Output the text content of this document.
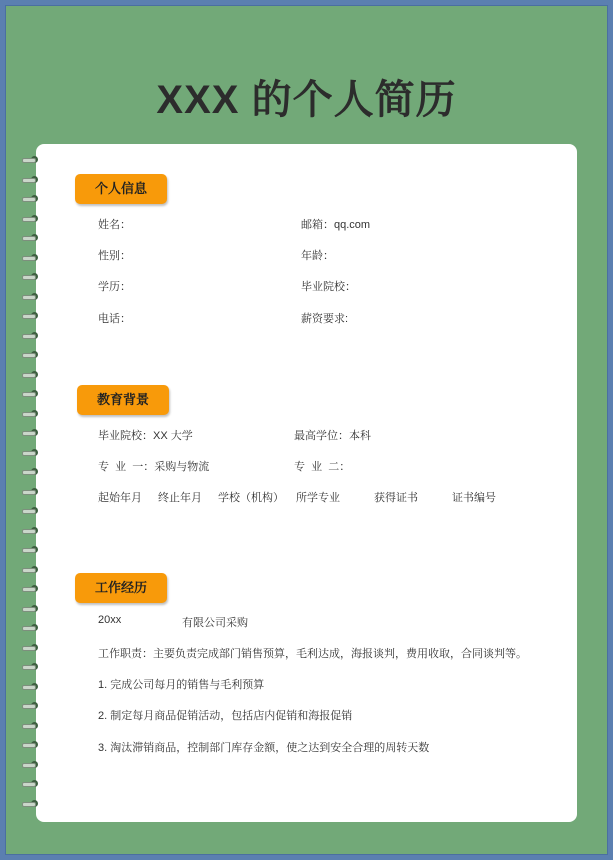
XXX 的个人简历
个人信息
姓名：	邮箱：qq.com
性别：	年龄：
学历：	毕业院校：
电话：	薪资要求:
教育背景
毕业院校：XX 大学	最高学位：本科
专  业  一：采购与物流	专  业  二：
起始年月 终止年月 学校（机构） 所学专业	获得证书	证书编号
工作经历
20xx	有限公司采购
工作职责：主要负责完成部门销售预算，毛利达成，海报谈判，费用收取，合同谈判等。
1. 完成公司每月的销售与毛利预算
2. 制定每月商品促销活动，包括店内促销和海报促销
3. 淘汰滞销商品，控制部门库存金额，使之达到安全合理的周转天数
